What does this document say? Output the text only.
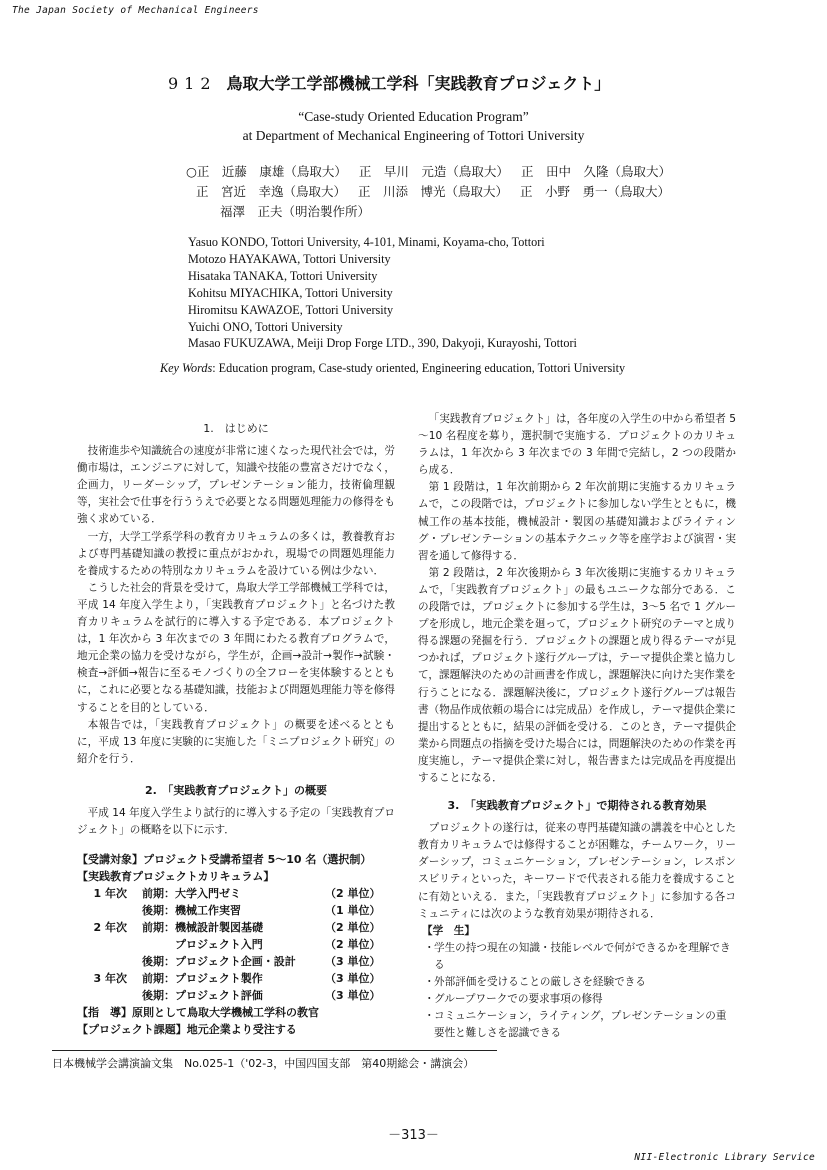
The Japan Society of Mechanical Engineers
NII-Electronic Library Service
912 鳥取大学工学部機械工学科「実践教育プロジェクト」
“Case-study Oriented Education Program”
at Department of Mechanical Engineering of Tottori University
○正　近藤　康雄（鳥取大） 正　早川　元造（鳥取大） 正　田中　久隆（鳥取大）
正　宮近　幸逸（鳥取大） 正　川添　博光（鳥取大） 正　小野　勇一（鳥取大）
福澤　正夫（明治製作所）
Yasuo KONDO, Tottori University, 4-101, Minami, Koyama-cho, Tottori
Motozo HAYAKAWA, Tottori University
Hisataka TANAKA, Tottori University
Kohitsu MIYACHIKA, Tottori University
Hiromitsu KAWAZOE, Tottori University
Yuichi ONO, Tottori University
Masao FUKUZAWA, Meiji Drop Forge LTD., 390, Dakyoji, Kurayoshi, Tottori
Key Words: Education program, Case-study oriented, Engineering education, Tottori University
1.　はじめに

技術進歩や知識統合の速度が非常に速くなった現代社会では，労働市場は，エンジニアに対して，知識や技能の豊富さだけでなく，企画力，リーダーシップ，プレゼンテーション能力，技術倫理観等，実社会で仕事を行ううえで必要となる問題処理能力の修得をも強く求めている．

一方，大学工学系学科の教育カリキュラムの多くは，教養教育および専門基礎知識の教授に重点がおかれ，現場での問題処理能力を養成するための特別なカリキュラムを設けている例は少ない．

こうした社会的背景を受けて，鳥取大学工学部機械工学科では，平成 14 年度入学生より，「実践教育プロジェクト」と名づけた教育カリキュラムを試行的に導入する予定である．本プロジェクトは，1 年次から 3 年次までの 3 年間にわたる教育プログラムで，地元企業の協力を受けながら，学生が，企画→設計→製作→試験・検査→評価→報告に至るモノづくりの全フローを実体験するとともに，これに必要となる基礎知識，技能および問題処理能力等を修得することを目的としている．

本報告では，「実践教育プロジェクト」の概要を述べるとともに，平成 13 年度に実験的に実施した「ミニプロジェクト研究」の紹介を行う．

2.　「実践教育プロジェクト」の概要

平成 14 年度入学生より試行的に導入する予定の「実践教育プロジェクト」の概略を以下に示す．

【受講対象】プロジェクト受講希望者 5～10 名（選択制）
【実践教育プロジェクトカリキュラム】
1 年次	前期： 大学入門ゼミ	（2 単位）
後期： 機械工作実習	（1 単位）
2 年次	前期： 機械設計製図基礎	（2 単位）
プロジェクト入門	（2 単位）
後期： プロジェクト企画・設計	（3 単位）
3 年次	前期： プロジェクト製作	（3 単位）
後期： プロジェクト評価	（3 単位）
【指　導】原則として鳥取大学機械工学科の教官
【プロジェクト課題】地元企業より受注する

「実践教育プロジェクト」は，各年度の入学生の中から希望者 5～10 名程度を募り，選択制で実施する．プロジェクトのカリキュラムは，1 年次から 3 年次までの 3 年間で完結し，2 つの段階から成る．

第 1 段階は，1 年次前期から 2 年次前期に実施するカリキュラムで，この段階では，プロジェクトに参加しない学生とともに，機械工作の基本技能，機械設計・製図の基礎知識およびライティング・プレゼンテーションの基本テクニック等を座学および演習・実習を通して修得する．

第 2 段階は，2 年次後期から 3 年次後期に実施するカリキュラムで，「実践教育プロジェクト」の最もユニークな部分である．この段階では，プロジェクトに参加する学生は，3～5 名で 1 グループを形成し，地元企業を廻って，プロジェクト研究のテーマと成り得る課題の発掘を行う．プロジェクトの課題と成り得るテーマが見つかれば，プロジェクト遂行グループは，テーマ提供企業と協力して，課題解決のための計画書を作成し，課題解決に向けた実作業を行うことになる．課題解決後に，プロジェクト遂行グループは報告書（物品作成依頼の場合には完成品）を作成し，テーマ提供企業に提出するとともに，結果の評価を受ける．このとき，テーマ提供企業から問題点の指摘を受けた場合には，問題解決のための作業を再度実施し，テーマ提供企業に対し，報告書または完成品を再度提出することになる．

3.　「実践教育プロジェクト」で期待される教育効果

プロジェクトの遂行は，従来の専門基礎知識の講義を中心とした教育カリキュラムでは修得することが困難な，チームワーク，リーダーシップ，コミュニケーション，プレゼンテーション，レスポンスビリティといった，キーワードで代表される能力を養成することに有効といえる．また，「実践教育プロジェクト」に参加する各コミュニティには次のような教育効果が期待される．

【学　生】
・ 学生の持つ現在の知識・技能レベルで何ができるかを理解できる
・ 外部評価を受けることの厳しさを経験できる
・ グループワークでの要求事項の修得
・ コミュニケーション，ライティング，プレゼンテーションの重要性と難しさを認識できる
日本機械学会講演論文集　No.025-1（'02-3，中国四国支部　第40期総会・講演会）
－313－
